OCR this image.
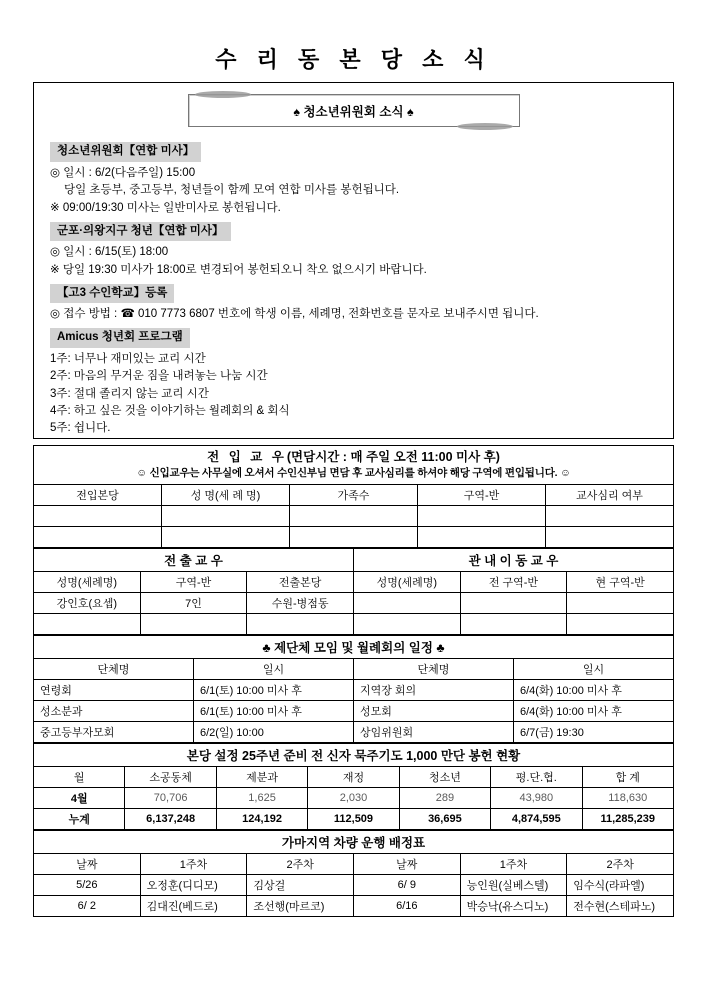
수 리 동 본 당 소 식
♠ 청소년위원회 소식 ♠
청소년위원회【연합 미사】
◎ 일시 : 6/2(다음주일) 15:00
당일 초등부, 중고등부, 청년들이 함께 모여 연합 미사를 봉헌됩니다.
※ 09:00/19:30 미사는 일반미사로 봉헌됩니다.
군포·의왕지구 청년【연합 미사】
◎ 일시 : 6/15(토) 18:00
※ 당일 19:30 미사가 18:00로 변경되어 봉헌되오니 착오 없으시기 바랍니다.
【고3 수인학교】등록
◎ 접수 방법 : ☎ 010 7773 6807 번호에 학생 이름, 세례명, 전화번호를 문자로 보내주시면 됩니다.
Amicus 청년회 프로그램
1주: 너무나 재미있는 교리 시간
2주: 마음의 무거운 짐을 내려놓는 나눔 시간
3주: 절대 졸리지 않는 교리 시간
4주: 하고 싶은 것을 이야기하는 월례회의 & 회식
5주: 쉽니다.
전 입 교 우(면담시간 : 매 주일 오전 11:00 미사 후)
☺ 신입교우는 사무실에 오셔서 수인신부님 면담 후 교사심리를 하셔야 해당 구역에 편입됩니다. ☺				

전입본당	성 명(세 례 명)	가족수	구역-반	교사심리 여부

전 출 교 우			관 내 이 동 교 우		
성명(세례명)	구역-반	전출본당	성명(세례명)	전 구역-반	현 구역-반
강인호(요셉)	7인	수원-병점동			

♣ 제단체 모임 및 월례회의 일정 ♣			
단체명	일시	단체명	일시
연령회	6/1(토) 10:00 미사 후	지역장 회의	6/4(화) 10:00 미사 후
성소분과	6/1(토) 10:00 미사 후	성모회	6/4(화) 10:00 미사 후
중고등부자모회	6/2(일) 10:00	상임위원회	6/7(금) 19:30
본당 설정 25주년 준비 전 신자 묵주기도 1,000 만단 봉헌 현황						
월	소공동체	제분과	재정	청소년	평.단.협.	합 계
4월	70,706	1,625	2,030	289	43,980	118,630
누계	6,137,248	124,192	112,509	36,695	4,874,595	11,285,239
가마지역 차량 운행 배정표					
날짜	1주차	2주차	날짜	1주차	2주차
5/26	오정훈(디디모)	김상걸	6/ 9	능인원(실베스텔)	임수식(라파엘)
6/ 2	김대진(베드로)	조선행(마르코)	6/16	박승낙(유스디노)	전수현(스테파노)
